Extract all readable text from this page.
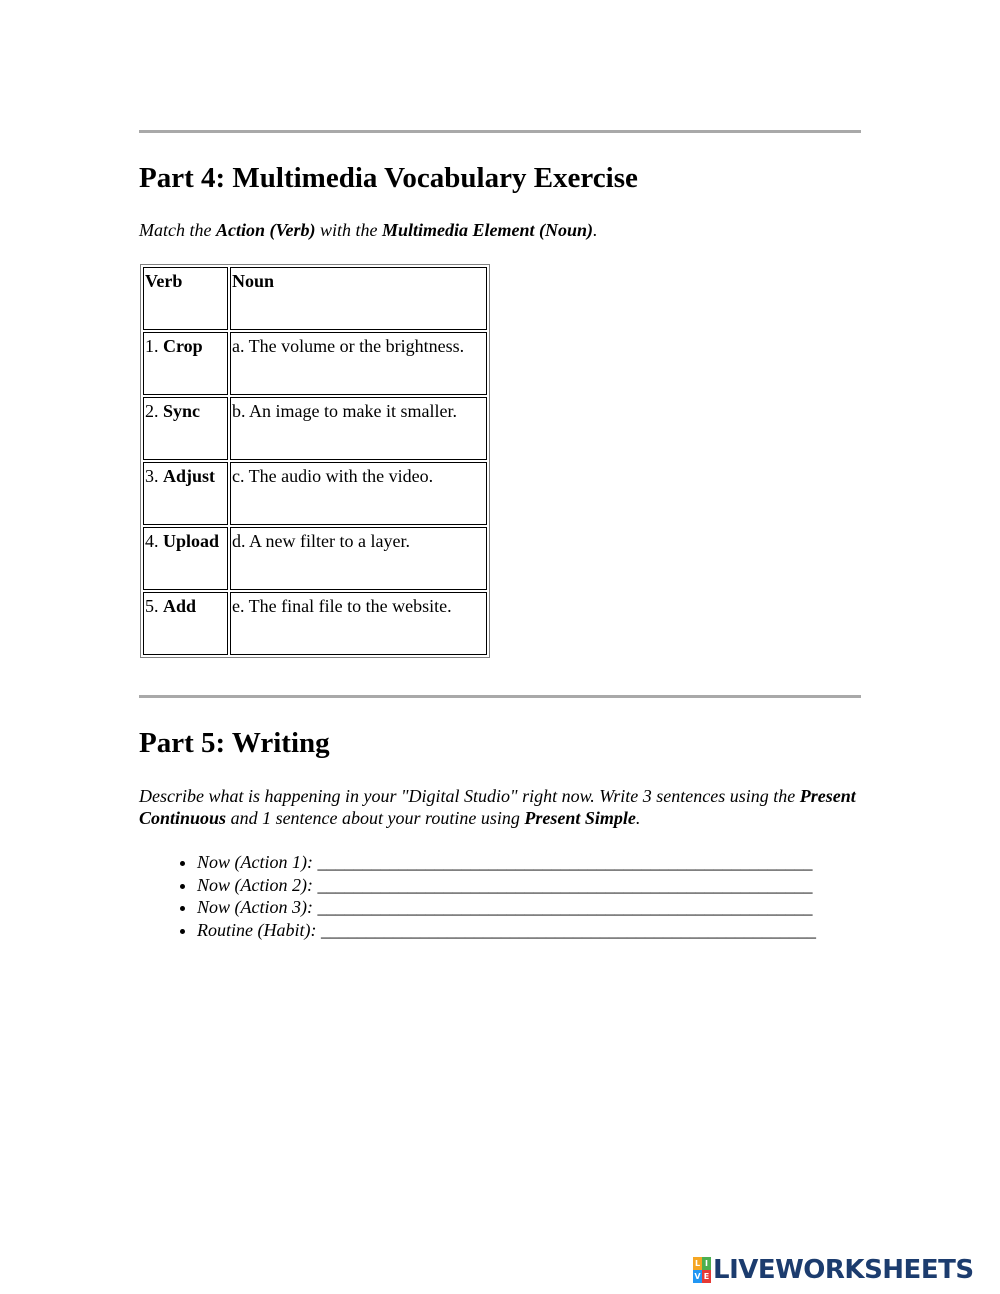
Part 4: Multimedia Vocabulary Exercise

Match the Action (Verb) with the Multimedia Element (Noun).

Verb	Noun
1. Crop	a. The volume or the brightness.
2. Sync	b. An image to make it smaller.
3. Adjust	c. The audio with the video.
4. Upload	d. A new filter to a layer.
5. Add	e. The final file to the website.
Part 5: Writing

Describe what is happening in your "Digital Studio" right now. Write 3 sentences using the Present Continuous and 1 sentence about your routine using Present Simple.

• Now (Action 1): _______________________________________________________
• Now (Action 2): _______________________________________________________
• Now (Action 3): _______________________________________________________
• Routine (Habit): _______________________________________________________
L I
V E LIVEWORKSHEETS
